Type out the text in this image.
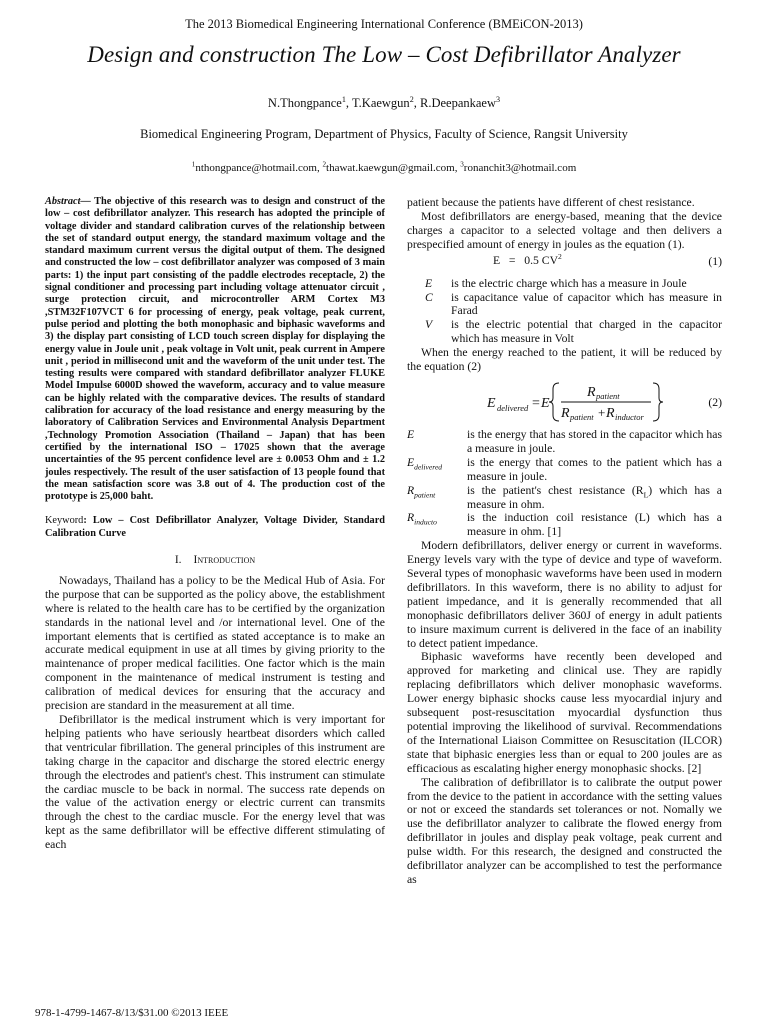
The 2013 Biomedical Engineering International Conference (BMEiCON-2013)
Design and construction The Low – Cost Defibrillator Analyzer
N.Thongpance$^1$, T.Kaewgun$^2$, R.Deepankaew$^3$
Biomedical Engineering Program, Department of Physics, Faculty of Science, Rangsit University
$^1$nthongpance@hotmail.com, $^2$thawat.kaewgun@gmail.com, $^3$ronanchit3@hotmail.com

Abstract— The objective of this research was to design and construct of the low – cost defibrillator analyzer. This research has adopted the principle of voltage divider and standard calibration curves of the relationship between the set of standard output energy, the standard maximum voltage and the standard maximum current versus the digital output of them. The designed and constructed the low – cost defibrillator analyzer was composed of 3 main parts: 1) the input part consisting of the paddle electrodes receptacle, 2) the signal conditioner and processing part including voltage attenuator circuit , surge protection circuit, and microcontroller ARM Cortex M3 ,STM32F107VCT 6 for processing of energy, peak voltage, peak current, pulse period and plotting the both monophasic and biphasic waveforms and 3) the display part consisting of LCD touch screen display for displaying the energy value in Joule unit , peak voltage in Volt unit, peak current in Ampere unit , period in millisecond unit and the waveform of the unit under test. The testing results were compared with standard defibrillator analyzer FLUKE Model Impulse 6000D showed the waveform, accuracy and to value measure can be highly related with the comparative devices. The results of standard calibration for accuracy of the load resistance and energy measuring by the laboratory of Calibration Services and Environmental Analysis Department ,Technology Promotion Association (Thailand – Japan) that has been certified by the international ISO – 17025 shown that the average uncertainties of the 95 percent confidence level are ± 0.0053 Ohm and ± 1.2 joules respectively. The result of the user satisfaction of 13 people found that the mean satisfaction score was 3.8 out of 4. The production cost of the prototype is 25,000 baht.

Keyword: Low – Cost Defibrillator Analyzer, Voltage Divider, Standard Calibration Curve

I. Introduction

Nowadays, Thailand has a policy to be the Medical Hub of Asia. For the purpose that can be supported as the policy above, the establishment where is related to the health care has to be certified by the organization standards in the national level and /or international level. One of the important elements that is certified as stated acceptance is to make an accurate medical equipment in use at all times by giving priority to the maintenance of proper medical facilities. One factor which is the main component in the maintenance of medical instrument is testing and calibration of medical devices for ensuring that the accuracy and precision are standard in the measurement at all time.

Defibrillator is the medical instrument which is very important for helping patients who have seriously heartbeat disorders which called that ventricular fibrillation. The general principles of this instrument are taking charge in the capacitor and discharge the stored electric energy through the electrodes and patient's chest. This instrument can stimulate the cardiac muscle to be back in normal. The success rate depends on the value of the activation energy or electric current can transmits through the chest to the cardiac muscle. For the energy level that was kept as the same defibrillator will be effective different stimulating of each

patient because the patients have different of chest resistance.

Most defibrillators are energy-based, meaning that the device charges a capacitor to a selected voltage and then delivers a prespecified amount of energy in joules as the equation (1).

E = 0.5 $CV^2$	(1)
E	is the electric charge which has a measure in Joule
C	is capacitance value of capacitor which has measure in Farad
V	is the electric potential that charged in the capacitor which has measure in Volt

When the energy reached to the patient, it will be reduced by the equation (2)

E delivered = E
R patient
R patient + R inductor
(2)
E	is the energy that has stored in the capacitor which has a measure in joule.
$E_{delivered}$	is the energy that comes to the patient which has a measure in joule.
$R_{patient}$	is the patient's chest resistance $(R_L)$ which has a measure in ohm.
$R_{inducto}$	is the induction coil resistance (L) which has a measure in ohm. [1]

Modern defibrillators, deliver energy or current in waveforms. Energy levels vary with the type of device and type of waveform. Several types of monophasic waveforms have been used in modern defibrillators. In this waveform, there is no ability to adjust for patient impedance, and it is generally recommended that all monophasic defibrillators deliver 360J of energy in adult patients to insure maximum current is delivered in the face of an inability to detect patient impedance.

Biphasic waveforms have recently been developed and approved for marketing and clinical use. They are rapidly replacing defibrillators which deliver monophasic waveforms. Lower energy biphasic shocks cause less myocardial injury and subsequent post-resuscitation myocardial dysfunction thus potential improving the likelihood of survival. Recommendations of the International Liaison Committee on Resuscitation (ILCOR) state that biphasic energies less than or equal to 200 joules are as efficacious as escalating higher energy monophasic shocks. [2]

The calibration of defibrillator is to calibrate the output power from the device to the patient in accordance with the setting values or not or exceed the standards set tolerances or not. Nomally we use the defibrillator analyzer to calibrate the flowed energy from defibrillator in joules and display peak voltage, peak current and pulse width. For this research, the designed and constructed the defibrillator analyzer can be accomplished to test the performance as

978-1-4799-1467-8/13/$31.00 ©2013 IEEE
